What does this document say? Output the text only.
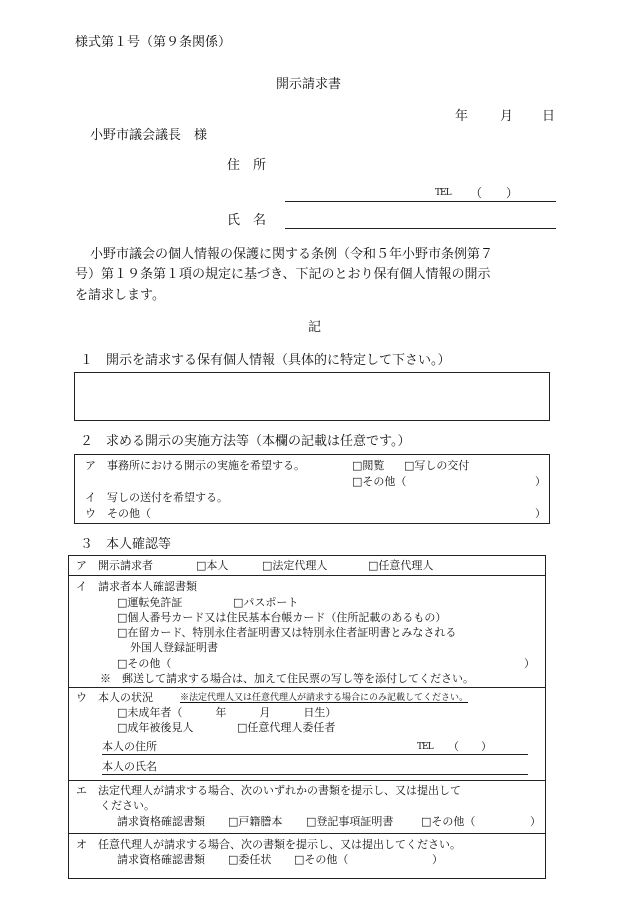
様式第１号（第９条関係）
開示請求書
年 月 日
小野市議会議長　様
住　所
TEL （　　）
氏　名
小野市議会の個人情報の保護に関する条例（令和５年小野市条例第７
号）第１９条第１項の規定に基づき、下記のとおり保有個人情報の開示
を請求します。
記
１　開示を請求する保有個人情報（具体的に特定して下さい。）
２　求める開示の実施方法等（本欄の記載は任意です。）
ア　事務所における開示の実施を希望する。	□閲覧 □写しの交付
□その他（	）
イ　写しの送付を希望する。
ウ　その他（	）
３　本人確認等
ア　開示請求者	□本人	□法定代理人	□任意代理人
イ　請求者本人確認書類
□運転免許証	□パスポート
□個人番号カード又は住民基本台帳カード（住所記載のあるもの）
□在留カード、特別永住者証明書又は特別永住者証明書とみなされる
外国人登録証明書
□その他（	）
※　郵送して請求する場合は、加えて住民票の写し等を添付してください。
ウ　本人の状況	※法定代理人又は任意代理人が請求する場合にのみ記載してください。
□未成年者（　　　年　　　月　　　日生）
□成年被後見人	□任意代理人委任者
本人の住所	TEL （　　）
本人の氏名
エ　法定代理人が請求する場合、次のいずれかの書類を提示し、又は提出して
ください。
請求資格確認書類 □戸籍謄本 □登記事項証明書	□その他（	）
オ　任意代理人が請求する場合、次の書類を提示し、又は提出してください。
請求資格確認書類 □委任状 □その他（	）
